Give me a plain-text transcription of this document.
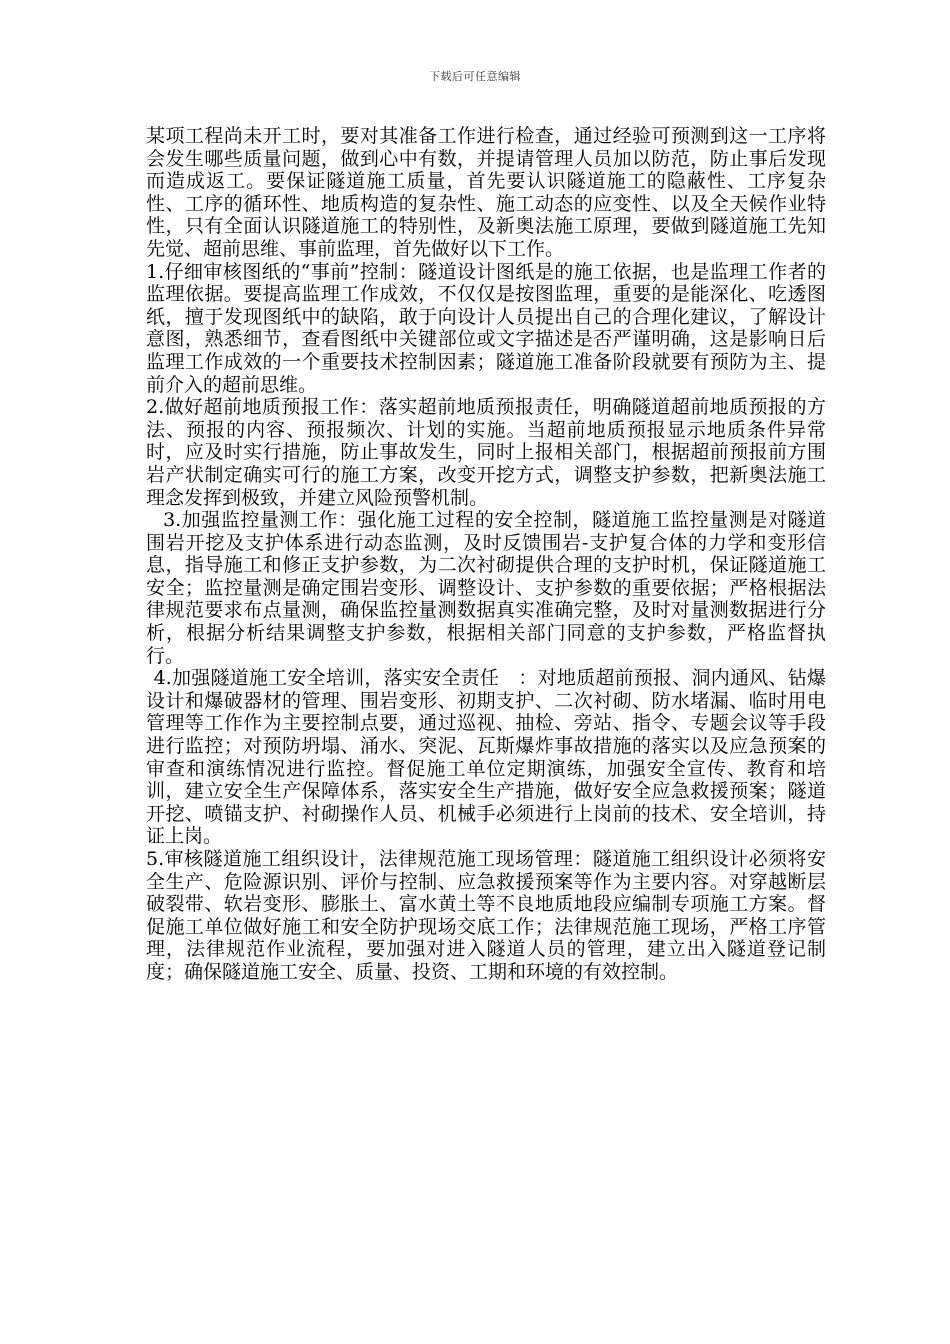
下载后可任意编辑

某项工程尚未开工时，要对其准备工作进行检查，通过经验可预测到这一工序将会发生哪些质量问题，做到心中有数，并提请管理人员加以防范，防止事后发现而造成返工。要保证隧道施工质量，首先要认识隧道施工的隐蔽性、工序复杂性、工序的循环性、地质构造的复杂性、施工动态的应变性、以及全天候作业特性，只有全面认识隧道施工的特别性，及新奥法施工原理，要做到隧道施工先知先觉、超前思维、事前监理，首先做好以下工作。

1.仔细审核图纸的“事前”控制：隧道设计图纸是的施工依据，也是监理工作者的监理依据。要提高监理工作成效，不仅仅是按图监理，重要的是能深化、吃透图纸，擅于发现图纸中的缺陷，敢于向设计人员提出自己的合理化建议，了解设计意图，熟悉细节，查看图纸中关键部位或文字描述是否严谨明确，这是影响日后监理工作成效的一个重要技术控制因素；隧道施工准备阶段就要有预防为主、提前介入的超前思维。

2.做好超前地质预报工作：落实超前地质预报责任，明确隧道超前地质预报的方法、预报的内容、预报频次、计划的实施。当超前地质预报显示地质条件异常时，应及时实行措施，防止事故发生，同时上报相关部门，根据超前预报前方围岩产状制定确实可行的施工方案，改变开挖方式，调整支护参数，把新奥法施工理念发挥到极致，并建立风险预警机制。

3.加强监控量测工作：强化施工过程的安全控制，隧道施工监控量测是对隧道围岩开挖及支护体系进行动态监测，及时反馈围岩-支护复合体的力学和变形信息，指导施工和修正支护参数，为二次衬砌提供合理的支护时机，保证隧道施工安全；监控量测是确定围岩变形、调整设计、支护参数的重要依据；严格根据法律规范要求布点量测，确保监控量测数据真实准确完整，及时对量测数据进行分析，根据分析结果调整支护参数，根据相关部门同意的支护参数，严格监督执行。

4.加强隧道施工安全培训，落实安全责任　：对地质超前预报、洞内通风、钻爆设计和爆破器材的管理、围岩变形、初期支护、二次衬砌、防水堵漏、临时用电管理等工作作为主要控制点要，通过巡视、抽检、旁站、指令、专题会议等手段进行监控；对预防坍塌、涌水、突泥、瓦斯爆炸事故措施的落实以及应急预案的审查和演练情况进行监控。督促施工单位定期演练，加强安全宣传、教育和培训，建立安全生产保障体系，落实安全生产措施，做好安全应急救援预案；隧道开挖、喷锚支护、衬砌操作人员、机械手必须进行上岗前的技术、安全培训，持证上岗。

5.审核隧道施工组织设计，法律规范施工现场管理：隧道施工组织设计必须将安全生产、危险源识别、评价与控制、应急救援预案等作为主要内容。对穿越断层破裂带、软岩变形、膨胀土、富水黄土等不良地质地段应编制专项施工方案。督促施工单位做好施工和安全防护现场交底工作；法律规范施工现场，严格工序管理，法律规范作业流程，要加强对进入隧道人员的管理，建立出入隧道登记制度；确保隧道施工安全、质量、投资、工期和环境的有效控制。
